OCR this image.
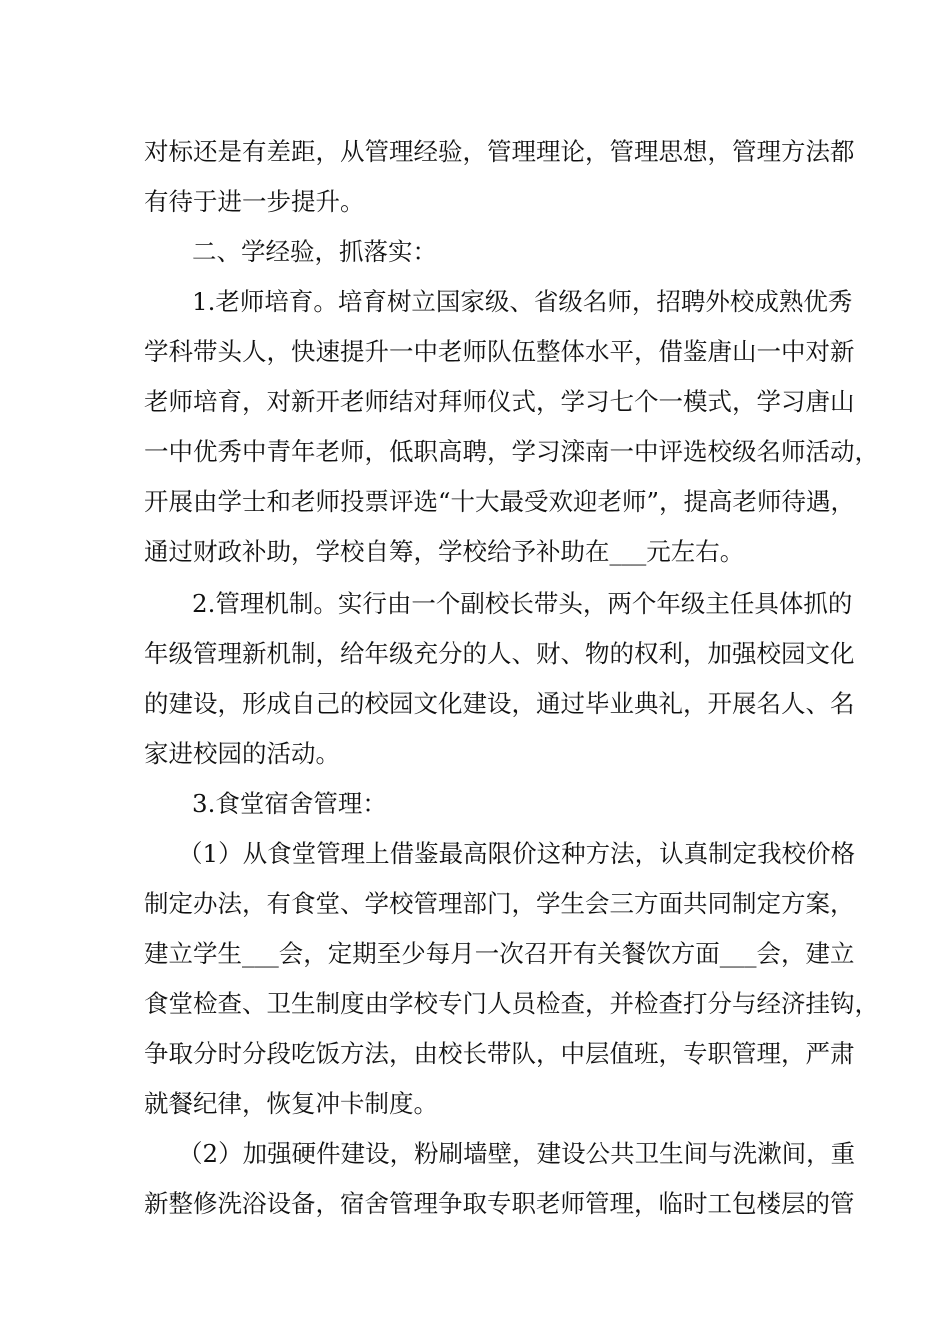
对标还是有差距，从管理经验，管理理论，管理思想，管理方法都
有待于进一步提升。
二、学经验，抓落实：
1.老师培育。培育树立国家级、省级名师，招聘外校成熟优秀
学科带头人，快速提升一中老师队伍整体水平，借鉴唐山一中对新
老师培育，对新开老师结对拜师仪式，学习七个一模式，学习唐山
一中优秀中青年老师，低职高聘，学习滦南一中评选校级名师活动，
开展由学士和老师投票评选“十大最受欢迎老师”，提高老师待遇，
通过财政补助，学校自筹，学校给予补助在___元左右。
2.管理机制。实行由一个副校长带头，两个年级主任具体抓的
年级管理新机制，给年级充分的人、财、物的权利，加强校园文化
的建设，形成自己的校园文化建设，通过毕业典礼，开展名人、名
家进校园的活动。
3.食堂宿舍管理：
（1）从食堂管理上借鉴最高限价这种方法，认真制定我校价格
制定办法，有食堂、学校管理部门，学生会三方面共同制定方案，
建立学生___会，定期至少每月一次召开有关餐饮方面___会，建立
食堂检查、卫生制度由学校专门人员检查，并检查打分与经济挂钩，
争取分时分段吃饭方法，由校长带队，中层值班，专职管理，严肃
就餐纪律，恢复冲卡制度。
（2）加强硬件建设，粉刷墙壁，建设公共卫生间与洗漱间，重
新整修洗浴设备，宿舍管理争取专职老师管理，临时工包楼层的管
